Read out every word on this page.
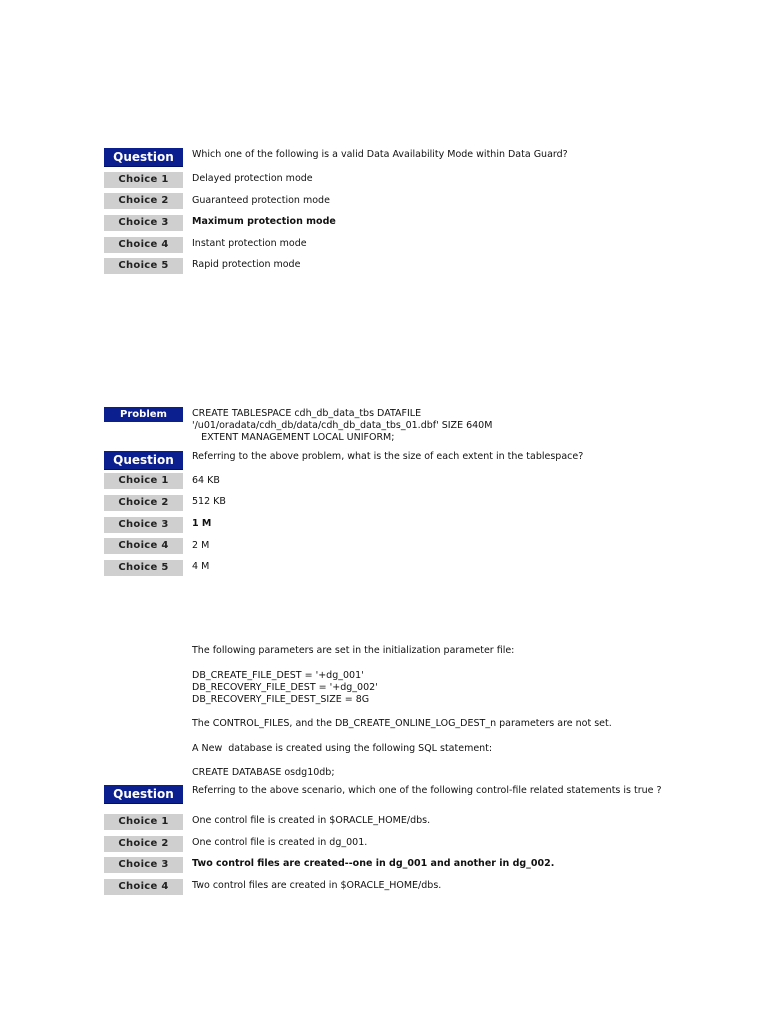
Question	Which one of the following is a valid Data Availability Mode within Data Guard?
Choice 1	Delayed protection mode
Choice 2	Guaranteed protection mode
Choice 3	Maximum protection mode
Choice 4	Instant protection mode
Choice 5	Rapid protection mode
Problem	CREATE TABLESPACE cdh_db_data_tbs DATAFILE
'/u01/oradata/cdh_db/data/cdh_db_data_tbs_01.dbf' SIZE 640M
EXTENT MANAGEMENT LOCAL UNIFORM;
Question	Referring to the above problem, what is the size of each extent in the tablespace?
Choice 1	64 KB
Choice 2	512 KB
Choice 3	1 M
Choice 4	2 M
Choice 5	4 M
The following parameters are set in the initialization parameter file:
DB_CREATE_FILE_DEST = '+dg_001'
DB_RECOVERY_FILE_DEST = '+dg_002'
DB_RECOVERY_FILE_DEST_SIZE = 8G
The CONTROL_FILES, and the DB_CREATE_ONLINE_LOG_DEST_n parameters are not set.
A New  database is created using the following SQL statement:
CREATE DATABASE osdg10db;
Question	Referring to the above scenario, which one of the following control-file related statements is true ?
Choice 1	One control file is created in $ORACLE_HOME/dbs.
Choice 2	One control file is created in dg_001.
Choice 3	Two control files are created--one in dg_001 and another in dg_002.
Choice 4	Two control files are created in $ORACLE_HOME/dbs.
